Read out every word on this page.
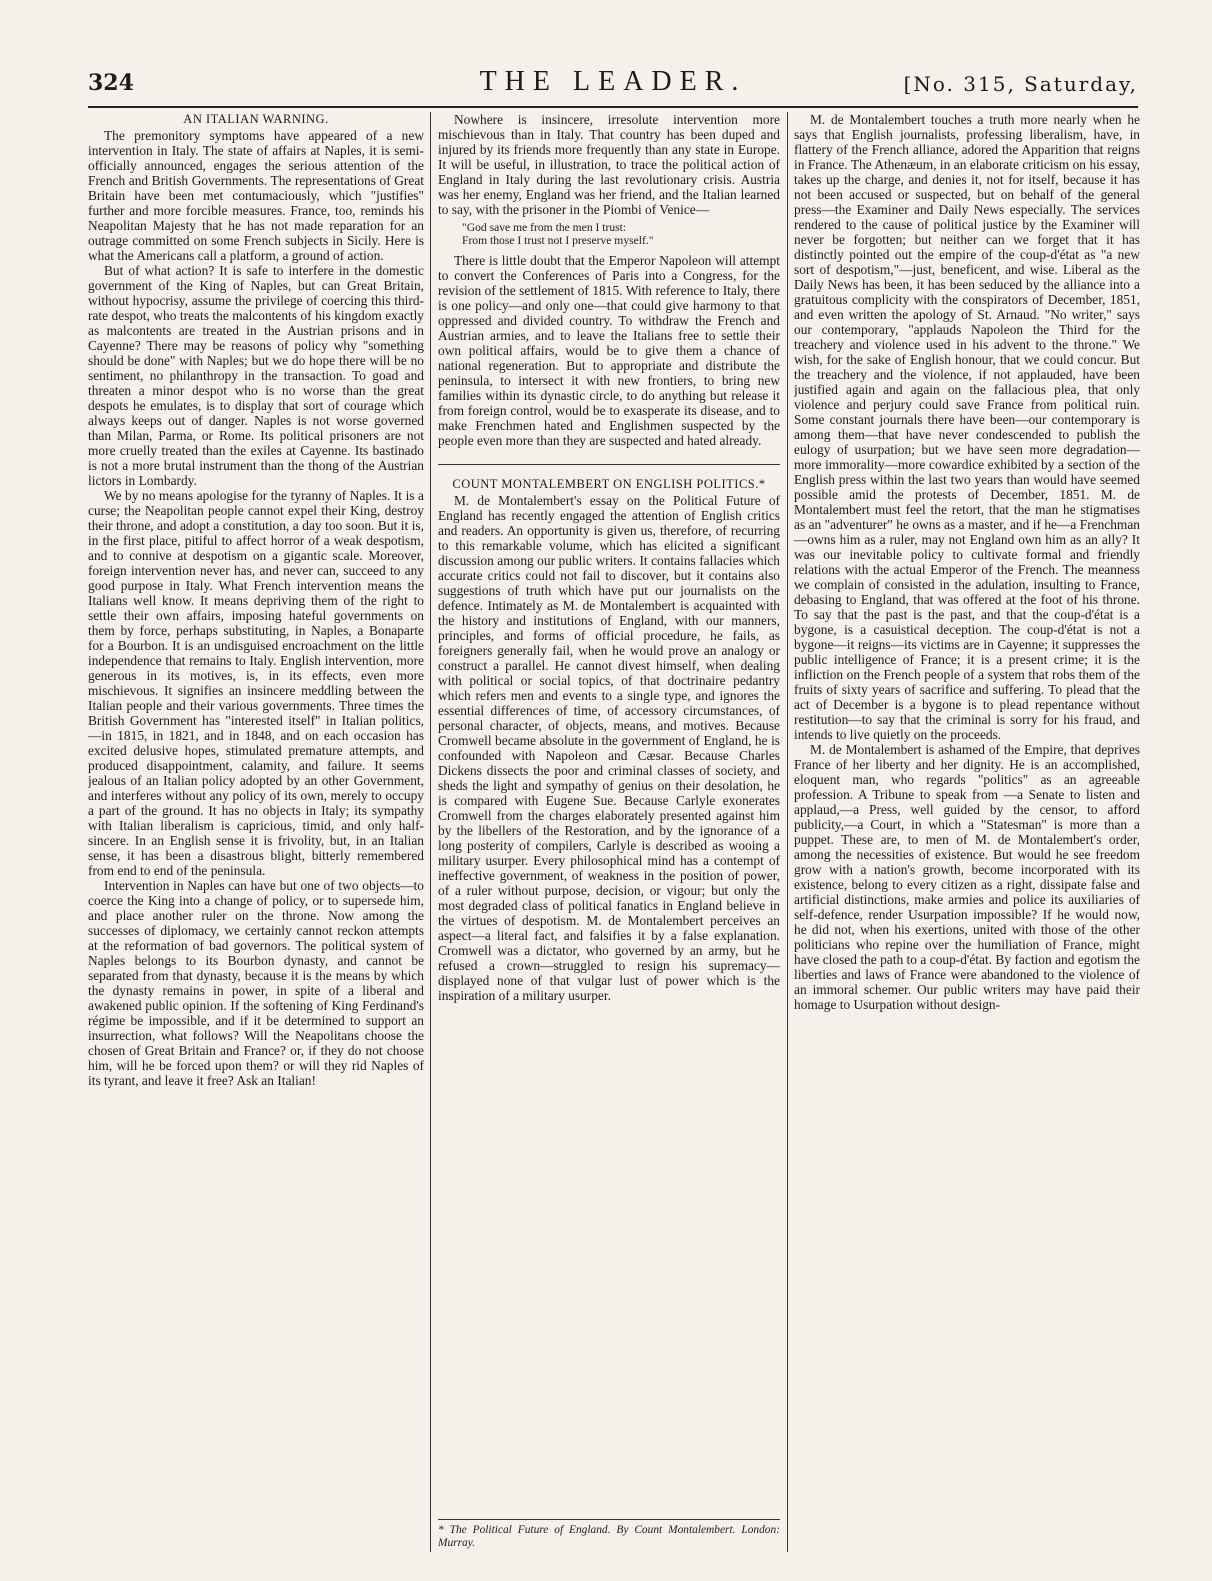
324	THE LEADER.	[No. 315, Saturday,
AN ITALIAN WARNING.

The premonitory symptoms have appeared of a new intervention in Italy. The state of affairs at Naples, it is semi-officially announced, engages the serious attention of the French and British Governments. The representations of Great Britain have been met contumaciously, which "justifies" further and more forcible measures. France, too, reminds his Neapolitan Majesty that he has not made reparation for an outrage committed on some French subjects in Sicily. Here is what the Americans call a platform, a ground of action.

But of what action? It is safe to interfere in the domestic government of the King of Naples, but can Great Britain, without hypocrisy, assume the privilege of coercing this third-rate despot, who treats the malcontents of his kingdom exactly as malcontents are treated in the Austrian prisons and in Cayenne? There may be reasons of policy why "something should be done" with Naples; but we do hope there will be no sentiment, no philanthropy in the transaction. To goad and threaten a minor despot who is no worse than the great despots he emulates, is to display that sort of courage which always keeps out of danger. Naples is not worse governed than Milan, Parma, or Rome. Its political prisoners are not more cruelly treated than the exiles at Cayenne. Its bastinado is not a more brutal instrument than the thong of the Austrian lictors in Lombardy.

We by no means apologise for the tyranny of Naples. It is a curse; the Neapolitan people cannot expel their King, destroy their throne, and adopt a constitution, a day too soon. But it is, in the first place, pitiful to affect horror of a weak despotism, and to connive at despotism on a gigantic scale. Moreover, foreign intervention never has, and never can, succeed to any good purpose in Italy. What French intervention means the Italians well know. It means depriving them of the right to settle their own affairs, imposing hateful governments on them by force, perhaps substituting, in Naples, a Bonaparte for a Bourbon. It is an undisguised encroachment on the little independence that remains to Italy. English intervention, more generous in its motives, is, in its effects, even more mischievous. It signifies an insincere meddling between the Italian people and their various governments. Three times the British Government has "interested itself" in Italian politics, —in 1815, in 1821, and in 1848, and on each occasion has excited delusive hopes, stimulated premature attempts, and produced disappointment, calamity, and failure. It seems jealous of an Italian policy adopted by an other Government, and interferes without any policy of its own, merely to occupy a part of the ground. It has no objects in Italy; its sympathy with Italian liberalism is capricious, timid, and only half-sincere. In an English sense it is frivolity, but, in an Italian sense, it has been a disastrous blight, bitterly remembered from end to end of the peninsula.

Intervention in Naples can have but one of two objects—to coerce the King into a change of policy, or to supersede him, and place another ruler on the throne. Now among the successes of diplomacy, we certainly cannot reckon attempts at the reformation of bad governors. The political system of Naples belongs to its Bourbon dynasty, and cannot be separated from that dynasty, because it is the means by which the dynasty remains in power, in spite of a liberal and awakened public opinion. If the softening of King Ferdinand's régime be impossible, and if it be determined to support an insurrection, what follows? Will the Neapolitans choose the chosen of Great Britain and France? or, if they do not choose him, will he be forced upon them? or will they rid Naples of its tyrant, and leave it free? Ask an Italian!

Nowhere is insincere, irresolute intervention more mischievous than in Italy. That country has been duped and injured by its friends more frequently than any state in Europe. It will be useful, in illustration, to trace the political action of England in Italy during the last revolutionary crisis. Austria was her enemy, England was her friend, and the Italian learned to say, with the prisoner in the Piombi of Venice—

"God save me from the men I trust:
From those I trust not I preserve myself."

There is little doubt that the Emperor Napoleon will attempt to convert the Conferences of Paris into a Congress, for the revision of the settlement of 1815. With reference to Italy, there is one policy—and only one—that could give harmony to that oppressed and divided country. To withdraw the French and Austrian armies, and to leave the Italians free to settle their own political affairs, would be to give them a chance of national regeneration. But to appropriate and distribute the peninsula, to intersect it with new frontiers, to bring new families within its dynastic circle, to do anything but release it from foreign control, would be to exasperate its disease, and to make Frenchmen hated and Englishmen suspected by the people even more than they are suspected and hated already.

COUNT MONTALEMBERT ON ENGLISH POLITICS.*

M. de Montalembert's essay on the Political Future of England has recently engaged the attention of English critics and readers. An opportunity is given us, therefore, of recurring to this remarkable volume, which has elicited a significant discussion among our public writers. It contains fallacies which accurate critics could not fail to discover, but it contains also suggestions of truth which have put our journalists on the defence. Intimately as M. de Montalembert is acquainted with the history and institutions of England, with our manners, principles, and forms of official procedure, he fails, as foreigners generally fail, when he would prove an analogy or construct a parallel. He cannot divest himself, when dealing with political or social topics, of that doctrinaire pedantry which refers men and events to a single type, and ignores the essential differences of time, of accessory circumstances, of personal character, of objects, means, and motives. Because Cromwell became absolute in the government of England, he is confounded with Napoleon and Cæsar. Because Charles Dickens dissects the poor and criminal classes of society, and sheds the light and sympathy of genius on their desolation, he is compared with Eugene Sue. Because Carlyle exonerates Cromwell from the charges elaborately presented against him by the libellers of the Restoration, and by the ignorance of a long posterity of compilers, Carlyle is described as wooing a military usurper. Every philosophical mind has a contempt of ineffective government, of weakness in the position of power, of a ruler without purpose, decision, or vigour; but only the most degraded class of political fanatics in England believe in the virtues of despotism. M. de Montalembert perceives an aspect—a literal fact, and falsifies it by a false explanation. Cromwell was a dictator, who governed by an army, but he refused a crown—struggled to resign his supremacy—displayed none of that vulgar lust of power which is the inspiration of a military usurper.

* The Political Future of England. By Count Montalembert. London: Murray.

M. de Montalembert touches a truth more nearly when he says that English journalists, professing liberalism, have, in flattery of the French alliance, adored the Apparition that reigns in France. The Athenæum, in an elaborate criticism on his essay, takes up the charge, and denies it, not for itself, because it has not been accused or suspected, but on behalf of the general press—the Examiner and Daily News especially. The services rendered to the cause of political justice by the Examiner will never be forgotten; but neither can we forget that it has distinctly pointed out the empire of the coup-d'état as "a new sort of despotism,"—just, beneficent, and wise. Liberal as the Daily News has been, it has been seduced by the alliance into a gratuitous complicity with the conspirators of December, 1851, and even written the apology of St. Arnaud. "No writer," says our contemporary, "applauds Napoleon the Third for the treachery and violence used in his advent to the throne." We wish, for the sake of English honour, that we could concur. But the treachery and the violence, if not applauded, have been justified again and again on the fallacious plea, that only violence and perjury could save France from political ruin. Some constant journals there have been—our contemporary is among them—that have never condescended to publish the eulogy of usurpation; but we have seen more degradation—more immorality—more cowardice exhibited by a section of the English press within the last two years than would have seemed possible amid the protests of December, 1851. M. de Montalembert must feel the retort, that the man he stigmatises as an "adventurer" he owns as a master, and if he—a Frenchman—owns him as a ruler, may not England own him as an ally? It was our inevitable policy to cultivate formal and friendly relations with the actual Emperor of the French. The meanness we complain of consisted in the adulation, insulting to France, debasing to England, that was offered at the foot of his throne. To say that the past is the past, and that the coup-d'état is a bygone, is a casuistical deception. The coup-d'état is not a bygone—it reigns—its victims are in Cayenne; it suppresses the public intelligence of France; it is a present crime; it is the infliction on the French people of a system that robs them of the fruits of sixty years of sacrifice and suffering. To plead that the act of December is a bygone is to plead repentance without restitution—to say that the criminal is sorry for his fraud, and intends to live quietly on the proceeds.

M. de Montalembert is ashamed of the Empire, that deprives France of her liberty and her dignity. He is an accomplished, eloquent man, who regards "politics" as an agreeable profession. A Tribune to speak from —a Senate to listen and applaud,—a Press, well guided by the censor, to afford publicity,—a Court, in which a "Statesman" is more than a puppet. These are, to men of M. de Montalembert's order, among the necessities of existence. But would he see freedom grow with a nation's growth, become incorporated with its existence, belong to every citizen as a right, dissipate false and artificial distinctions, make armies and police its auxiliaries of self-defence, render Usurpation impossible? If he would now, he did not, when his exertions, united with those of the other politicians who repine over the humiliation of France, might have closed the path to a coup-d'état. By faction and egotism the liberties and laws of France were abandoned to the violence of an immoral schemer. Our public writers may have paid their homage to Usurpation without design-
